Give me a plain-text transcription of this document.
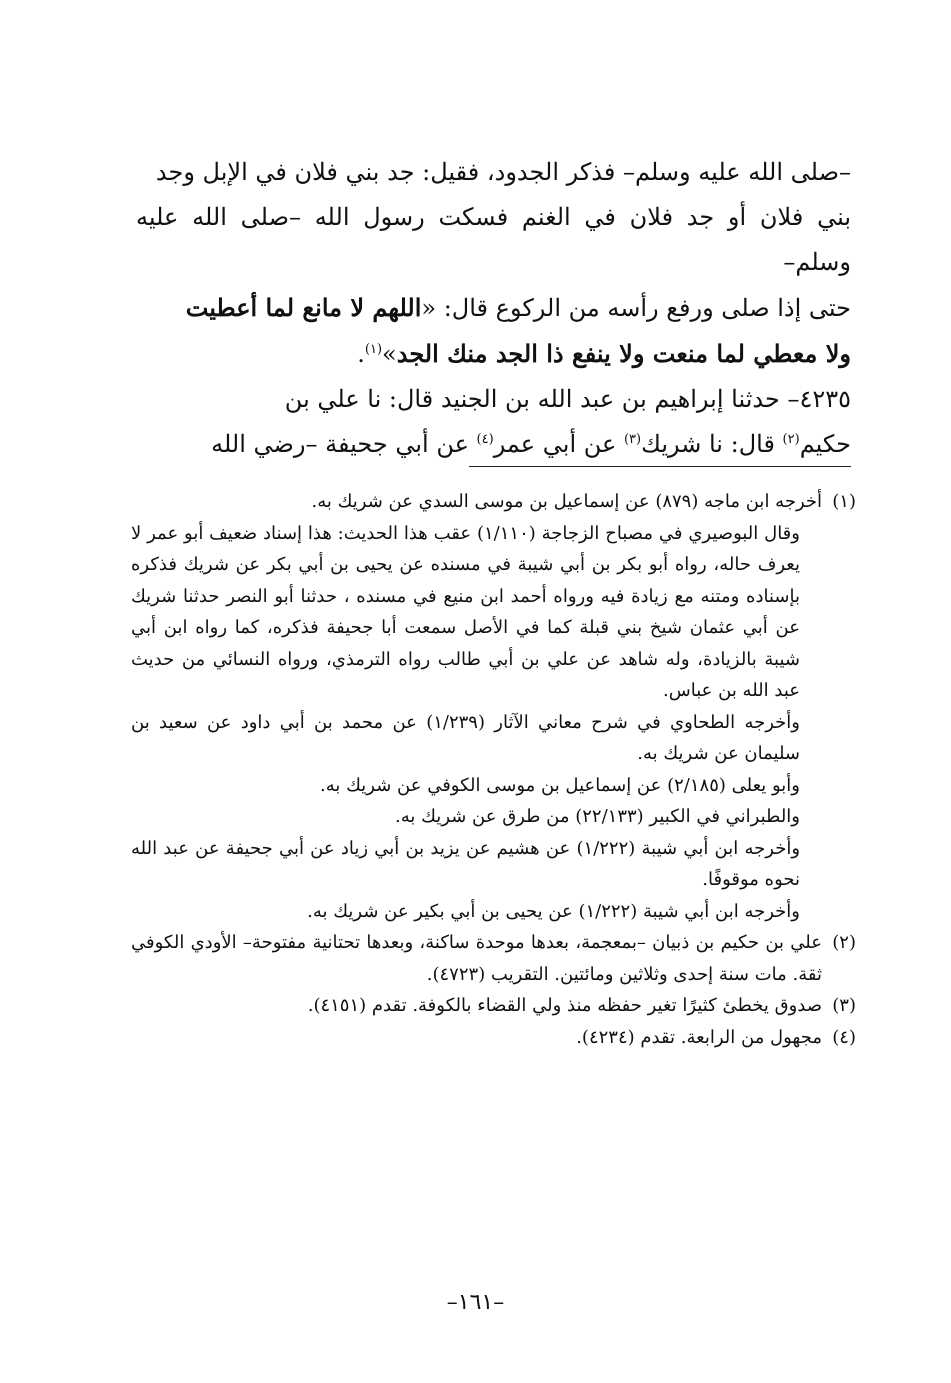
–صلى الله عليه وسلم– فذكر الجدود، فقيل: جد بني فلان في الإبل وجد

بني فلان أو جد فلان في الغنم فسكت رسول الله –صلى الله عليه وسلم–

حتى إذا صلى ورفع رأسه من الركوع قال: «اللهم لا مانع لما أعطيت

ولا معطي لما منعت ولا ينفع ذا الجد منك الجد»$^{(١)}$.

٤٢٣٥– حدثنا إبراهيم بن عبد الله بن الجنيد قال: نا علي بن

حكيم$^{(٢)}$ قال: نا شريك$^{(٣)}$ عن أبي عمر$^{(٤)}$ عن أبي جحيفة –رضي الله

(١)

أخرجه ابن ماجه (٨٧٩) عن إسماعيل بن موسى السدي عن شريك به.

وقال البوصيري في مصباح الزجاجة (١/١١٠) عقب هذا الحديث: هذا إسناد ضعيف أبو عمر لا يعرف حاله، رواه أبو بكر بن أبي شيبة في مسنده عن يحيى بن أبي بكر عن شريك فذكره بإسناده ومتنه مع زيادة فيه ورواه أحمد ابن منيع في مسنده ، حدثنا أبو النصر حدثنا شريك عن أبي عثمان شيخ بني قبلة كما في الأصل سمعت أبا جحيفة فذكره، كما رواه ابن أبي شيبة بالزيادة، وله شاهد عن علي بن أبي طالب رواه الترمذي، ورواه النسائي من حديث عبد الله بن عباس.

وأخرجه الطحاوي في شرح معاني الآثار (١/٢٣٩) عن محمد بن أبي داود عن سعيد بن سليمان عن شريك به.

وأبو يعلى (٢/١٨٥) عن إسماعيل بن موسى الكوفي عن شريك به.

والطبراني في الكبير (٢٢/١٣٣) من طرق عن شريك به.

وأخرجه ابن أبي شيبة (١/٢٢٢) عن هشيم عن يزيد بن أبي زياد عن أبي جحيفة عن عبد الله نحوه موقوفًا.

وأخرجه ابن أبي شيبة (١/٢٢٢) عن يحيى بن أبي بكير عن شريك به.

(٢)

علي بن حكيم بن ذبيان –بمعجمة، بعدها موحدة ساكنة، وبعدها تحتانية مفتوحة– الأودي الكوفي ثقة. مات سنة إحدى وثلاثين ومائتين. التقريب (٤٧٢٣).

(٣)

صدوق يخطئ كثيرًا تغير حفظه منذ ولي القضاء بالكوفة. تقدم (٤١٥١).

(٤)

مجهول من الرابعة. تقدم (٤٢٣٤).

–١٦١–
